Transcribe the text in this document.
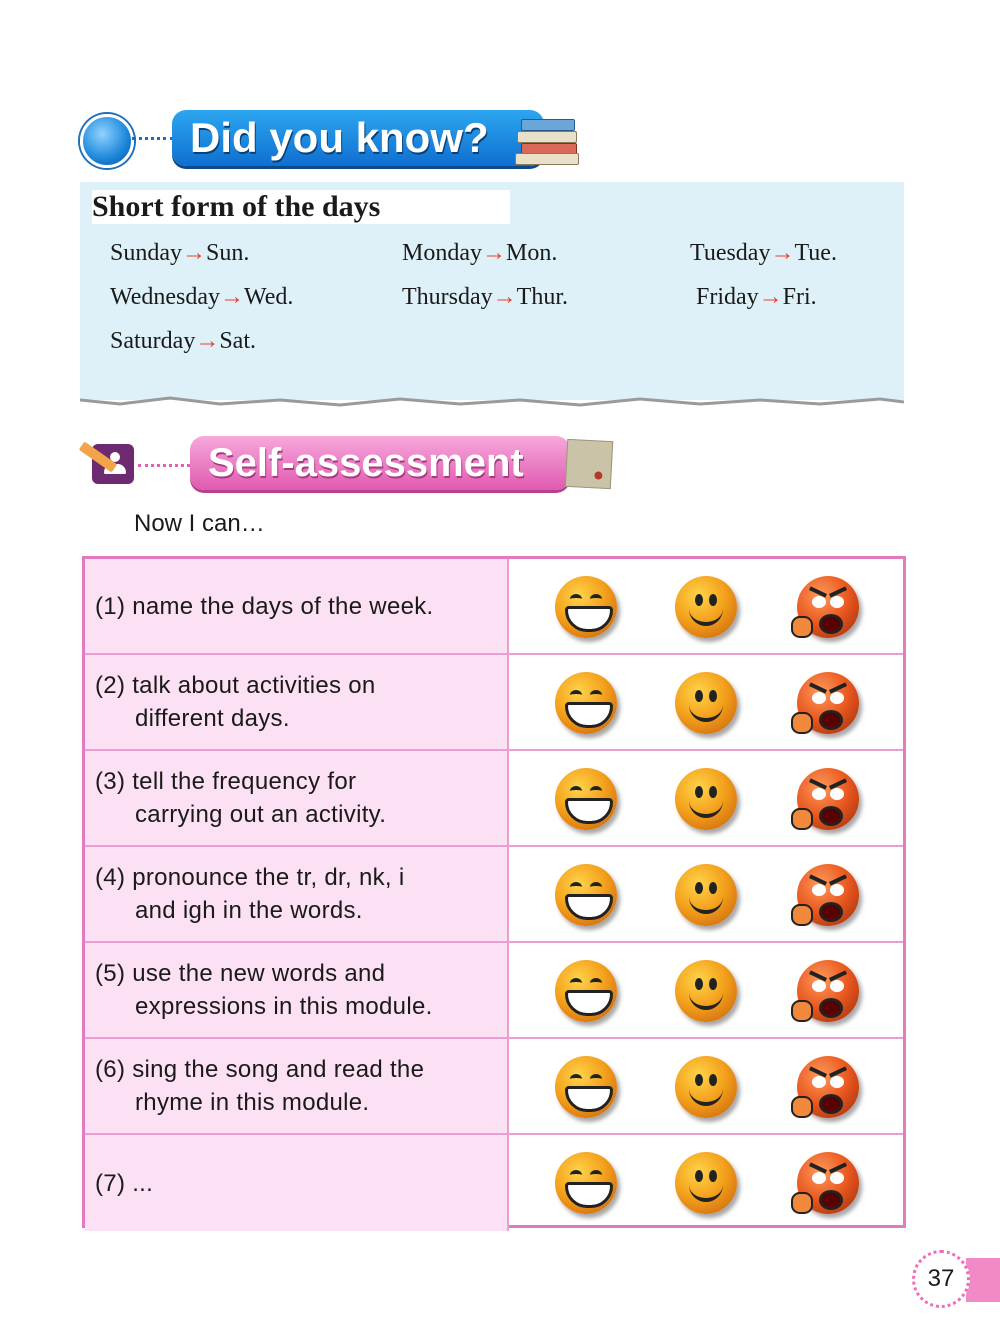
Did you know?
Short form of the days
Sunday→Sun.	Monday→Mon.	Tuesday→Tue.
Wednesday→Wed.	Thursday→Thur.	Friday→Fri.
Saturday→Sat.
Self-assessment
Now I can…
(1) name the days of the week.
(2) talk about activities on
different days.
(3) tell the frequency for
carrying out an activity.
(4) pronounce the tr, dr, nk, i
and igh in the words.
(5) use the new words and
expressions in this module.
(6) sing the song and read the
rhyme in this module.
(7) ...
37
